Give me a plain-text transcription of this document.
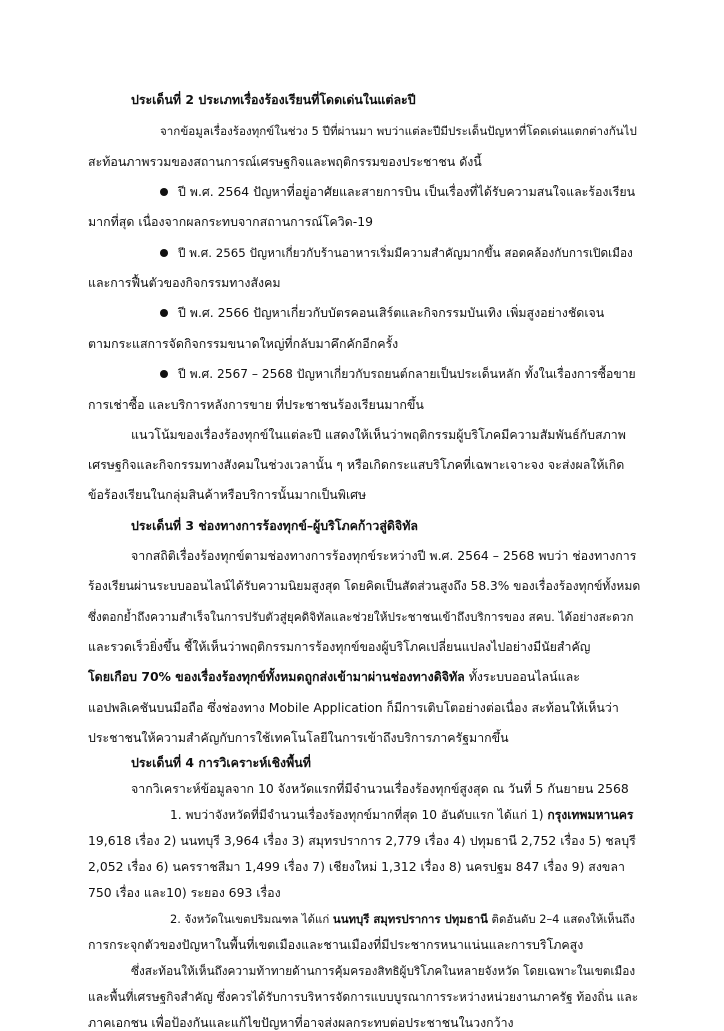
ประเด็นที่ 2 ประเภทเรื่องร้องเรียนที่โดดเด่นในแต่ละปี
จากข้อมูลเรื่องร้องทุกข์ในช่วง 5 ปีที่ผ่านมา พบว่าแต่ละปีมีประเด็นปัญหาที่โดดเด่นแตกต่างกันไป
สะท้อนภาพรวมของสถานการณ์เศรษฐกิจและพฤติกรรมของประชาชน ดังนี้
ปี พ.ศ. 2564 ปัญหาที่อยู่อาศัยและสายการบิน เป็นเรื่องที่ได้รับความสนใจและร้องเรียน
มากที่สุด เนื่องจากผลกระทบจากสถานการณ์โควิด-19
ปี พ.ศ. 2565 ปัญหาเกี่ยวกับร้านอาหารเริ่มมีความสำคัญมากขึ้น สอดคล้องกับการเปิดเมือง
และการฟื้นตัวของกิจกรรมทางสังคม
ปี พ.ศ. 2566 ปัญหาเกี่ยวกับบัตรคอนเสิร์ตและกิจกรรมบันเทิง เพิ่มสูงอย่างชัดเจน
ตามกระแสการจัดกิจกรรมขนาดใหญ่ที่กลับมาคึกคักอีกครั้ง
ปี พ.ศ. 2567 – 2568 ปัญหาเกี่ยวกับรถยนต์กลายเป็นประเด็นหลัก ทั้งในเรื่องการซื้อขาย
การเช่าซื้อ และบริการหลังการขาย ที่ประชาชนร้องเรียนมากขึ้น
แนวโน้มของเรื่องร้องทุกข์ในแต่ละปี แสดงให้เห็นว่าพฤติกรรมผู้บริโภคมีความสัมพันธ์กับสภาพ
เศรษฐกิจและกิจกรรมทางสังคมในช่วงเวลานั้น ๆ หรือเกิดกระแสบริโภคที่เฉพาะเจาะจง จะส่งผลให้เกิด
ข้อร้องเรียนในกลุ่มสินค้าหรือบริการนั้นมากเป็นพิเศษ
ประเด็นที่ 3 ช่องทางการร้องทุกข์–ผู้บริโภคก้าวสู่ดิจิทัล
จากสถิติเรื่องร้องทุกข์ตามช่องทางการร้องทุกข์ระหว่างปี พ.ศ. 2564 – 2568 พบว่า ช่องทางการ
ร้องเรียนผ่านระบบออนไลน์ได้รับความนิยมสูงสุด โดยคิดเป็นสัดส่วนสูงถึง 58.3% ของเรื่องร้องทุกข์ทั้งหมด
ซึ่งตอกย้ำถึงความสำเร็จในการปรับตัวสู่ยุคดิจิทัลและช่วยให้ประชาชนเข้าถึงบริการของ สคบ. ได้อย่างสะดวก
และรวดเร็วยิ่งขึ้น ชี้ให้เห็นว่าพฤติกรรมการร้องทุกข์ของผู้บริโภคเปลี่ยนแปลงไปอย่างมีนัยสำคัญ
โดยเกือบ 70% ของเรื่องร้องทุกข์ทั้งหมดถูกส่งเข้ามาผ่านช่องทางดิจิทัล ทั้งระบบออนไลน์และ
แอปพลิเคชันบนมือถือ ซึ่งช่องทาง Mobile Application ก็มีการเติบโตอย่างต่อเนื่อง สะท้อนให้เห็นว่า
ประชาชนให้ความสำคัญกับการใช้เทคโนโลยีในการเข้าถึงบริการภาครัฐมากขึ้น
ประเด็นที่ 4 การวิเคราะห์เชิงพื้นที่
จากวิเคราะห์ข้อมูลจาก 10 จังหวัดแรกที่มีจำนวนเรื่องร้องทุกข์สูงสุด ณ วันที่ 5 กันยายน 2568
1. พบว่าจังหวัดที่มีจำนวนเรื่องร้องทุกข์มากที่สุด 10 อันดับแรก ได้แก่ 1) กรุงเทพมหานคร
19,618 เรื่อง 2) นนทบุรี 3,964 เรื่อง 3) สมุทรปราการ 2,779 เรื่อง 4) ปทุมธานี 2,752 เรื่อง 5) ชลบุรี
2,052 เรื่อง 6) นครราชสีมา 1,499 เรื่อง 7) เชียงใหม่ 1,312 เรื่อง 8) นครปฐม 847 เรื่อง 9) สงขลา
750 เรื่อง และ10) ระยอง 693 เรื่อง
2. จังหวัดในเขตปริมณฑล ได้แก่ นนทบุรี สมุทรปราการ ปทุมธานี ติดอันดับ 2–4 แสดงให้เห็นถึง
การกระจุกตัวของปัญหาในพื้นที่เขตเมืองและชานเมืองที่มีประชากรหนาแน่นและการบริโภคสูง
ซึ่งสะท้อนให้เห็นถึงความท้าทายด้านการคุ้มครองสิทธิผู้บริโภคในหลายจังหวัด โดยเฉพาะในเขตเมือง
และพื้นที่เศรษฐกิจสำคัญ ซึ่งควรได้รับการบริหารจัดการแบบบูรณาการระหว่างหน่วยงานภาครัฐ ท้องถิ่น และ
ภาคเอกชน เพื่อป้องกันและแก้ไขปัญหาที่อาจส่งผลกระทบต่อประชาชนในวงกว้าง
